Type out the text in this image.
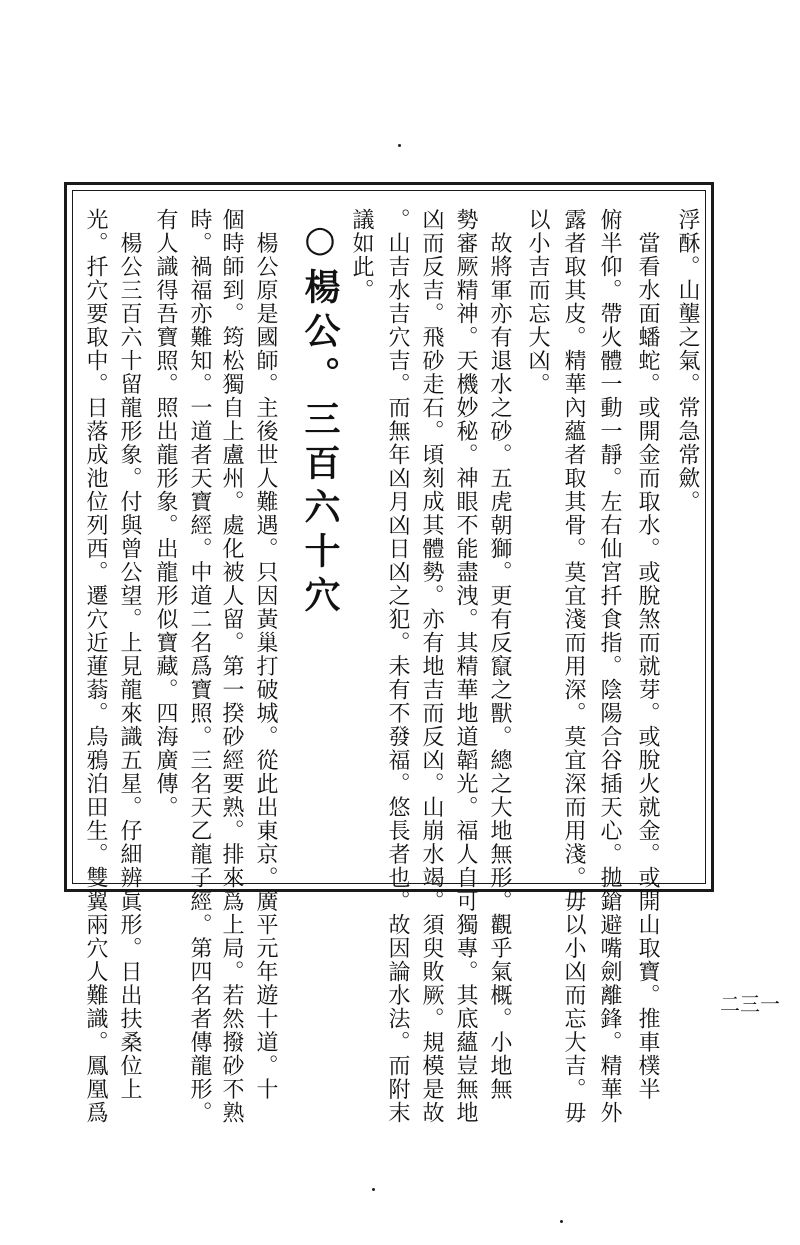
浮酥。山壟之氣。常急常歛。
　當看水面蟠蛇。或開金而取水。或脫煞而就芽。或脫火就金。或開山取寶。推車樸半
俯半仰。帶火體一動一靜。左右仙宮扦食指。陰陽合谷插天心。拋鎗避嘴劍離鋒。精華外
露者取其皮。精華內蘊者取其骨。莫宜淺而用深。莫宜深而用淺。毋以小凶而忘大吉。毋
以小吉而忘大凶。
　故將軍亦有退水之砂。五虎朝獅。更有反竄之獸。總之大地無形。觀乎氣概。小地無
勢審厥精神。天機妙秘。神眼不能盡洩。其精華地道韜光。福人自可獨專。其底蘊豈無地
凶而反吉。飛砂走石。頃刻成其體勢。亦有地吉而反凶。山崩水竭。須臾敗厥。規模是故
。山吉水吉穴吉。而無年凶月凶日凶之犯。未有不發福。悠長者也。故因論水法。而附末
議如此。
○楊公。三百六十穴
　楊公原是國師。主後世人難遇。只因黃巢打破城。從此出東京。廣平元年遊十道。十
個時師到。筠松獨自上盧州。處化被人留。第一揆砂經要熟。排來爲上局。若然撥砂不熟
時。禍福亦難知。一道者天寶經。中道二名爲寶照。三名天乙龍子經。第四名者傳龍形。
有人識得吾寶照。照出龍形象。出龍形似寶藏。四海廣傳。
　楊公三百六十留龍形象。付與曾公望。上見龍來識五星。仔細辨眞形。日出扶桑位上
光。扦穴要取中。日落成池位列西。遷穴近蓮蓊。烏鴉泊田生。雙翼兩穴人難識。鳳凰爲	二三一
